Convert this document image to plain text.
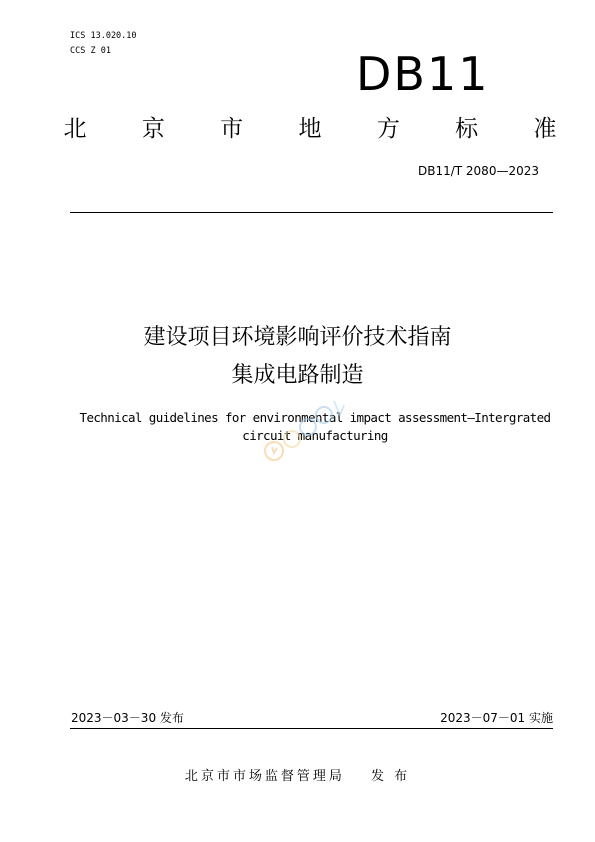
ICS 13.020.10
CCS Z 01	DB11
北 京 市 地 方 标 准
DB11/T 2080—2023
建设项目环境影响评价技术指南
集成电路制造
Technical guidelines for environmental impact assessment—Intergrated
circuit manufacturing
2023－03－30 发布	2023－07－01 实施
北京市市场监督管理局 发 布
